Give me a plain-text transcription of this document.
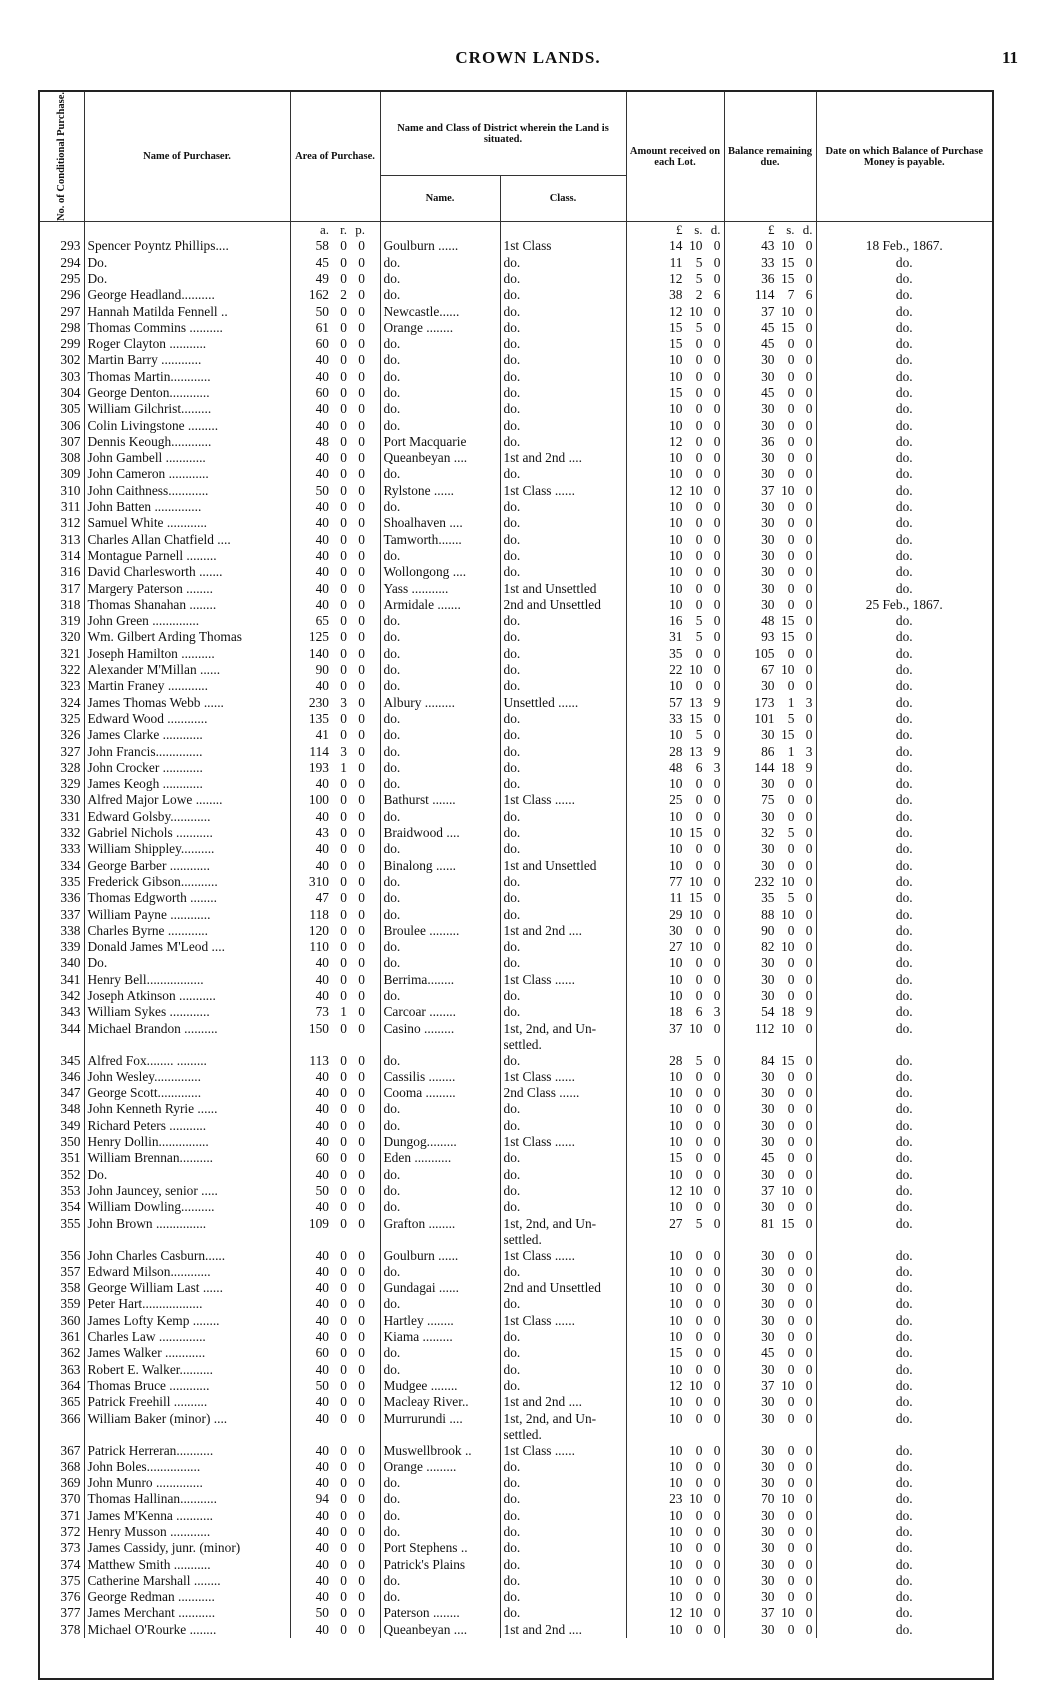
CROWN LANDS.	11
No. of Conditional Purchase.	Name of Purchaser.	Area of Purchase.	Name and Class of District wherein the Land is situated.		Amount received on each Lot.	Balance remaining due.	Date on which Balance of Purchase Money is payable.
			Name.	Class.			

		a. r. p.			£ s. d.	£ s. d.	

293	Spencer Poyntz Phillips....	58 0 0	Goulburn ......	1st Class	14 10 0	43 10 0	18 Feb., 1867.
294	Do.	45 0 0	do.	do.	11 5 0	33 15 0	do.
295	Do.	49 0 0	do.	do.	12 5 0	36 15 0	do.
296	George Headland..........	162 2 0	do.	do.	38 2 6	114 7 6	do.
297	Hannah Matilda Fennell ..	50 0 0	Newcastle......	do.	12 10 0	37 10 0	do.
298	Thomas Commins ..........	61 0 0	Orange ........	do.	15 5 0	45 15 0	do.
299	Roger Clayton ...........	60 0 0	do.	do.	15 0 0	45 0 0	do.
302	Martin Barry ............	40 0 0	do.	do.	10 0 0	30 0 0	do.
303	Thomas Martin............	40 0 0	do.	do.	10 0 0	30 0 0	do.
304	George Denton............	60 0 0	do.	do.	15 0 0	45 0 0	do.
305	William Gilchrist.........	40 0 0	do.	do.	10 0 0	30 0 0	do.
306	Colin Livingstone .........	40 0 0	do.	do.	10 0 0	30 0 0	do.
307	Dennis Keough............	48 0 0	Port Macquarie	do.	12 0 0	36 0 0	do.
308	John Gambell ............	40 0 0	Queanbeyan ....	1st and 2nd ....	10 0 0	30 0 0	do.
309	John Cameron ............	40 0 0	do.	do.	10 0 0	30 0 0	do.
310	John Caithness............	50 0 0	Rylstone ......	1st Class ......	12 10 0	37 10 0	do.
311	John Batten ..............	40 0 0	do.	do.	10 0 0	30 0 0	do.
312	Samuel White ............	40 0 0	Shoalhaven ....	do.	10 0 0	30 0 0	do.
313	Charles Allan Chatfield ....	40 0 0	Tamworth.......	do.	10 0 0	30 0 0	do.
314	Montague Parnell .........	40 0 0	do.	do.	10 0 0	30 0 0	do.
316	David Charlesworth .......	40 0 0	Wollongong ....	do.	10 0 0	30 0 0	do.
317	Margery Paterson ........	40 0 0	Yass ...........	1st and Unsettled	10 0 0	30 0 0	do.
318	Thomas Shanahan ........	40 0 0	Armidale .......	2nd and Unsettled	10 0 0	30 0 0	25 Feb., 1867.
319	John Green ..............	65 0 0	do.	do.	16 5 0	48 15 0	do.
320	Wm. Gilbert Arding Thomas	125 0 0	do.	do.	31 5 0	93 15 0	do.
321	Joseph Hamilton ..........	140 0 0	do.	do.	35 0 0	105 0 0	do.
322	Alexander M'Millan ......	90 0 0	do.	do.	22 10 0	67 10 0	do.
323	Martin Franey ............	40 0 0	do.	do.	10 0 0	30 0 0	do.
324	James Thomas Webb ......	230 3 0	Albury .........	Unsettled ......	57 13 9	173 1 3	do.
325	Edward Wood ............	135 0 0	do.	do.	33 15 0	101 5 0	do.
326	James Clarke ............	41 0 0	do.	do.	10 5 0	30 15 0	do.
327	John Francis..............	114 3 0	do.	do.	28 13 9	86 1 3	do.
328	John Crocker ............	193 1 0	do.	do.	48 6 3	144 18 9	do.
329	James Keogh ............	40 0 0	do.	do.	10 0 0	30 0 0	do.
330	Alfred Major Lowe ........	100 0 0	Bathurst .......	1st Class ......	25 0 0	75 0 0	do.
331	Edward Golsby............	40 0 0	do.	do.	10 0 0	30 0 0	do.
332	Gabriel Nichols ...........	43 0 0	Braidwood ....	do.	10 15 0	32 5 0	do.
333	William Shippley..........	40 0 0	do.	do.	10 0 0	30 0 0	do.
334	George Barber ............	40 0 0	Binalong ......	1st and Unsettled	10 0 0	30 0 0	do.
335	Frederick Gibson...........	310 0 0	do.	do.	77 10 0	232 10 0	do.
336	Thomas Edgworth ........	47 0 0	do.	do.	11 15 0	35 5 0	do.
337	William Payne ............	118 0 0	do.	do.	29 10 0	88 10 0	do.
338	Charles Byrne ............	120 0 0	Broulee .........	1st and 2nd ....	30 0 0	90 0 0	do.
339	Donald James M'Leod ....	110 0 0	do.	do.	27 10 0	82 10 0	do.
340	Do.	40 0 0	do.	do.	10 0 0	30 0 0	do.
341	Henry Bell.................	40 0 0	Berrima........	1st Class ......	10 0 0	30 0 0	do.
342	Joseph Atkinson ...........	40 0 0	do.	do.	10 0 0	30 0 0	do.
343	William Sykes ............	73 1 0	Carcoar ........	do.	18 6 3	54 18 9	do.
344	Michael Brandon ..........	150 0 0	Casino .........	1st, 2nd, and Un-settled.	37 10 0	112 10 0	do.
345	Alfred Fox........ .........	113 0 0	do.	do.	28 5 0	84 15 0	do.
346	John Wesley..............	40 0 0	Cassilis ........	1st Class ......	10 0 0	30 0 0	do.
347	George Scott.............	40 0 0	Cooma .........	2nd Class ......	10 0 0	30 0 0	do.
348	John Kenneth Ryrie ......	40 0 0	do.	do.	10 0 0	30 0 0	do.
349	Richard Peters ...........	40 0 0	do.	do.	10 0 0	30 0 0	do.
350	Henry Dollin...............	40 0 0	Dungog.........	1st Class ......	10 0 0	30 0 0	do.
351	William Brennan..........	60 0 0	Eden ...........	do.	15 0 0	45 0 0	do.
352	Do.	40 0 0	do.	do.	10 0 0	30 0 0	do.
353	John Jauncey, senior .....	50 0 0	do.	do.	12 10 0	37 10 0	do.
354	William Dowling..........	40 0 0	do.	do.	10 0 0	30 0 0	do.
355	John Brown ...............	109 0 0	Grafton ........	1st, 2nd, and Un-settled.	27 5 0	81 15 0	do.
356	John Charles Casburn......	40 0 0	Goulburn ......	1st Class ......	10 0 0	30 0 0	do.
357	Edward Milson............	40 0 0	do.	do.	10 0 0	30 0 0	do.
358	George William Last ......	40 0 0	Gundagai ......	2nd and Unsettled	10 0 0	30 0 0	do.
359	Peter Hart..................	40 0 0	do.	do.	10 0 0	30 0 0	do.
360	James Lofty Kemp ........	40 0 0	Hartley ........	1st Class ......	10 0 0	30 0 0	do.
361	Charles Law ..............	40 0 0	Kiama .........	do.	10 0 0	30 0 0	do.
362	James Walker ............	60 0 0	do.	do.	15 0 0	45 0 0	do.
363	Robert E. Walker..........	40 0 0	do.	do.	10 0 0	30 0 0	do.
364	Thomas Bruce ............	50 0 0	Mudgee ........	do.	12 10 0	37 10 0	do.
365	Patrick Freehill ..........	40 0 0	Macleay River..	1st and 2nd ....	10 0 0	30 0 0	do.
366	William Baker (minor) ....	40 0 0	Murrurundi ....	1st, 2nd, and Un-settled.	10 0 0	30 0 0	do.
367	Patrick Herreran...........	40 0 0	Muswellbrook ..	1st Class ......	10 0 0	30 0 0	do.
368	John Boles................	40 0 0	Orange .........	do.	10 0 0	30 0 0	do.
369	John Munro ..............	40 0 0	do.	do.	10 0 0	30 0 0	do.
370	Thomas Hallinan...........	94 0 0	do.	do.	23 10 0	70 10 0	do.
371	James M'Kenna ...........	40 0 0	do.	do.	10 0 0	30 0 0	do.
372	Henry Musson ............	40 0 0	do.	do.	10 0 0	30 0 0	do.
373	James Cassidy, junr. (minor)	40 0 0	Port Stephens ..	do.	10 0 0	30 0 0	do.
374	Matthew Smith ...........	40 0 0	Patrick's Plains	do.	10 0 0	30 0 0	do.
375	Catherine Marshall ........	40 0 0	do.	do.	10 0 0	30 0 0	do.
376	George Redman ...........	40 0 0	do.	do.	10 0 0	30 0 0	do.
377	James Merchant ...........	50 0 0	Paterson ........	do.	12 10 0	37 10 0	do.
378	Michael O'Rourke ........	40 0 0	Queanbeyan ....	1st and 2nd ....	10 0 0	30 0 0	do.
